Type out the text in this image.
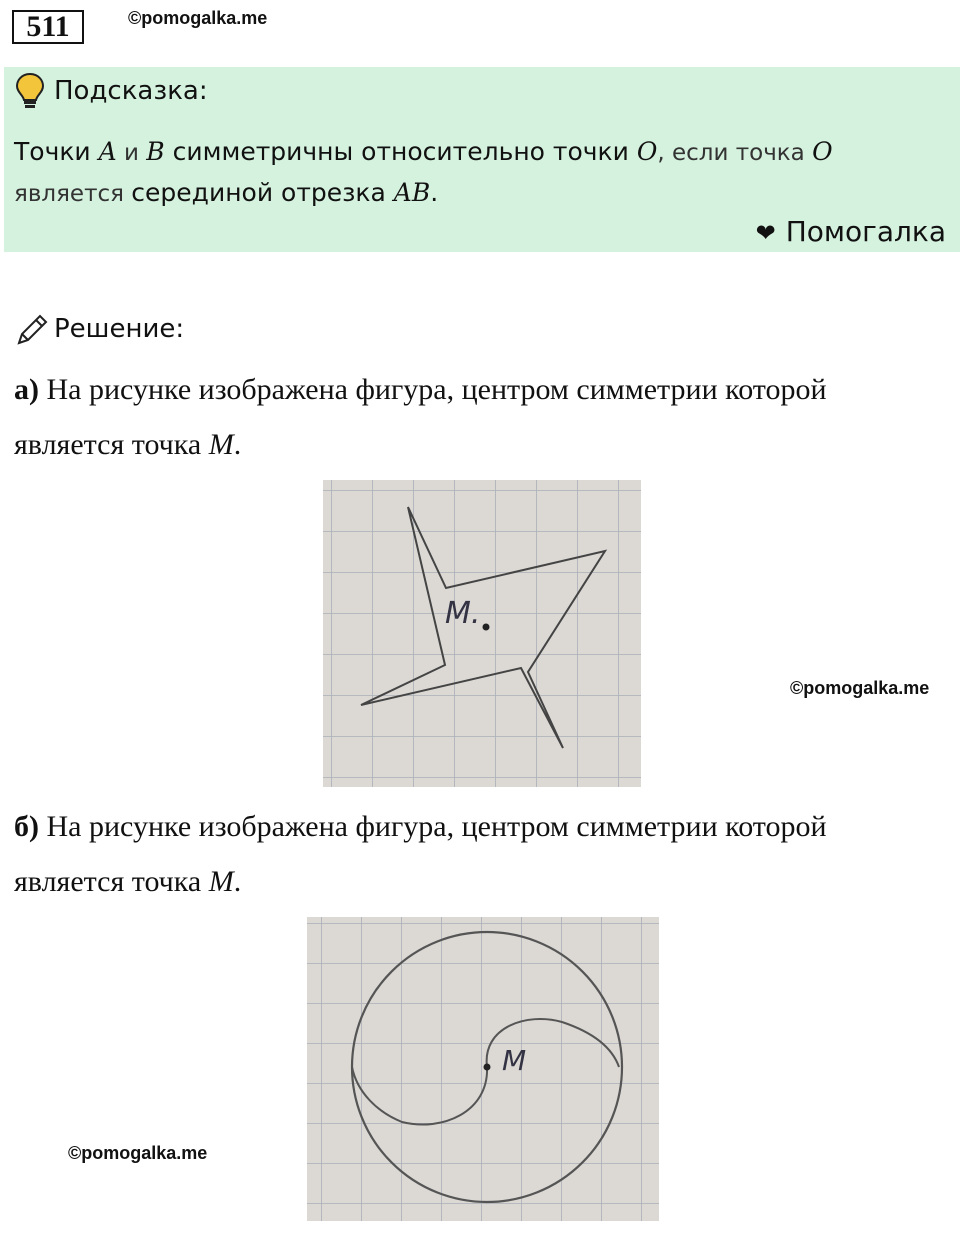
511	©pomogalka.me
Подсказка:
Точки A и B симметричны относительно точки O, если точка O
является серединой отрезка AB.
❤ Помогалка
Решение:
а) На рисунке изображена фигура, центром симметрии которой
является точка M.
M.
©pomogalka.me
б) На рисунке изображена фигура, центром симметрии которой
является точка M.
M
©pomogalka.me
